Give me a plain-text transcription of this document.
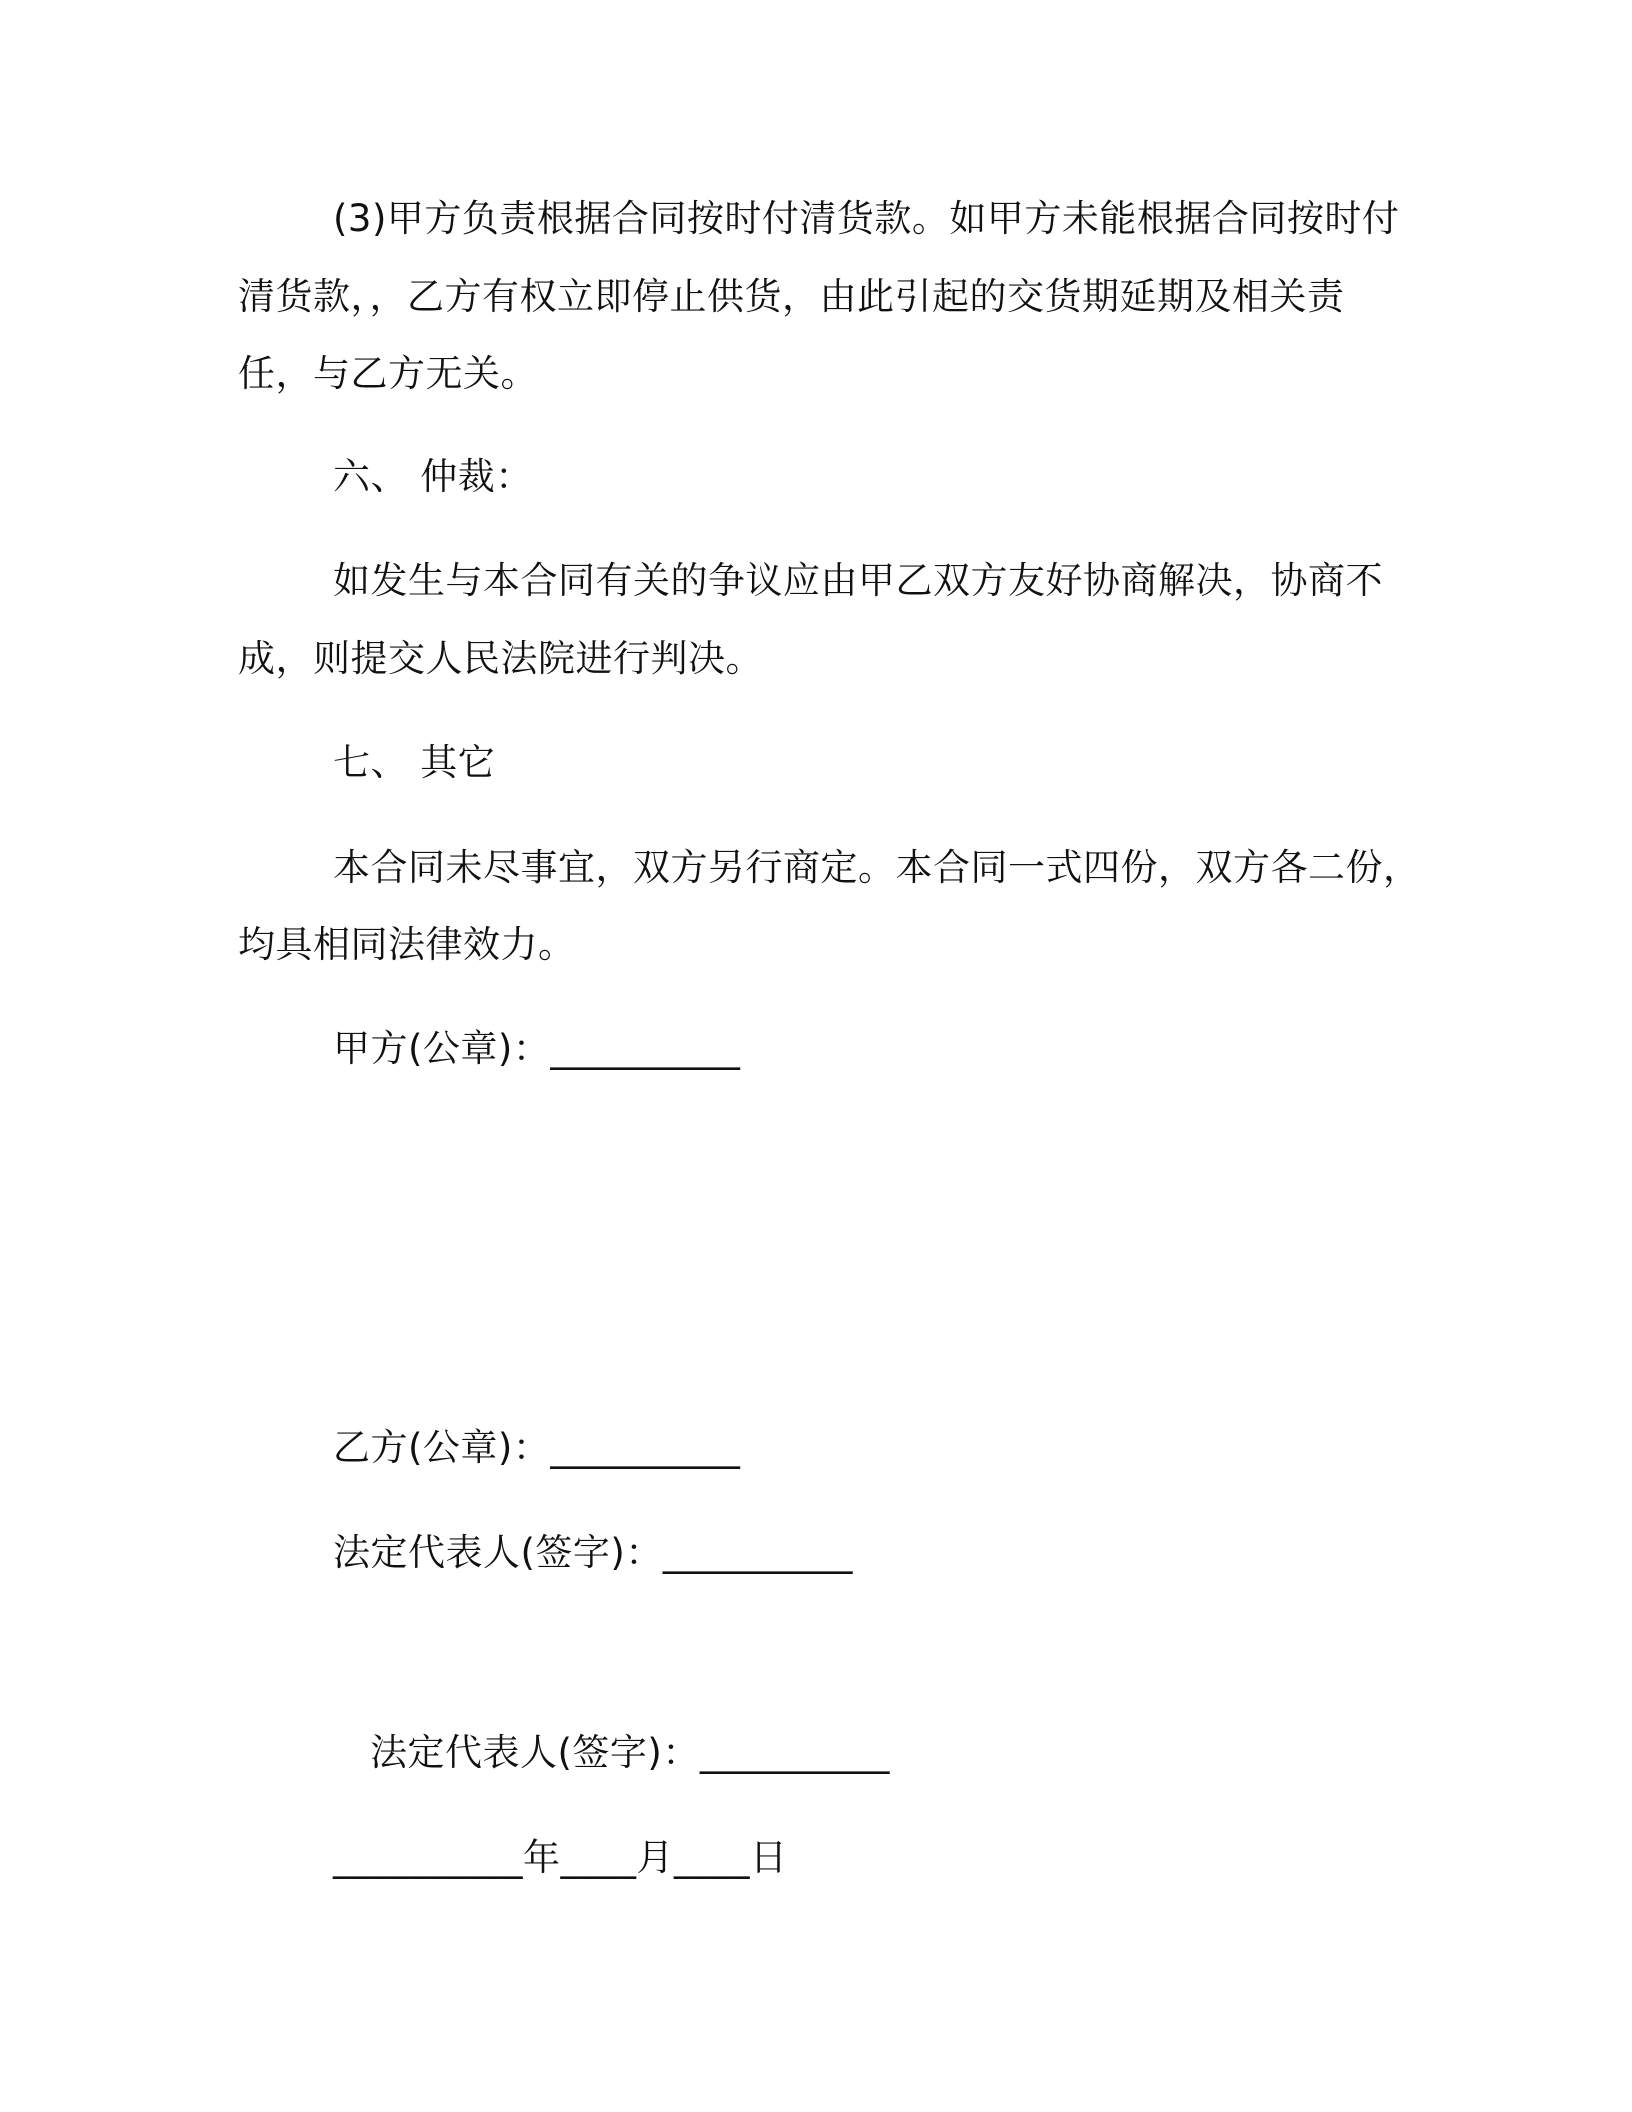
(3)甲方负责根据合同按时付清货款。如甲方未能根据合同按时付
清货款，，乙方有权立即停止供货，由此引起的交货期延期及相关责
任，与乙方无关。
六、 仲裁：
如发生与本合同有关的争议应由甲乙双方友好协商解决，协商不
成，则提交人民法院进行判决。
七、 其它
本合同未尽事宜，双方另行商定。本合同一式四份，双方各二份，
均具相同法律效力。
甲方(公章)：__________
乙方(公章)：__________
法定代表人(签字)：__________
法定代表人(签字)：__________
__________年____月____日
